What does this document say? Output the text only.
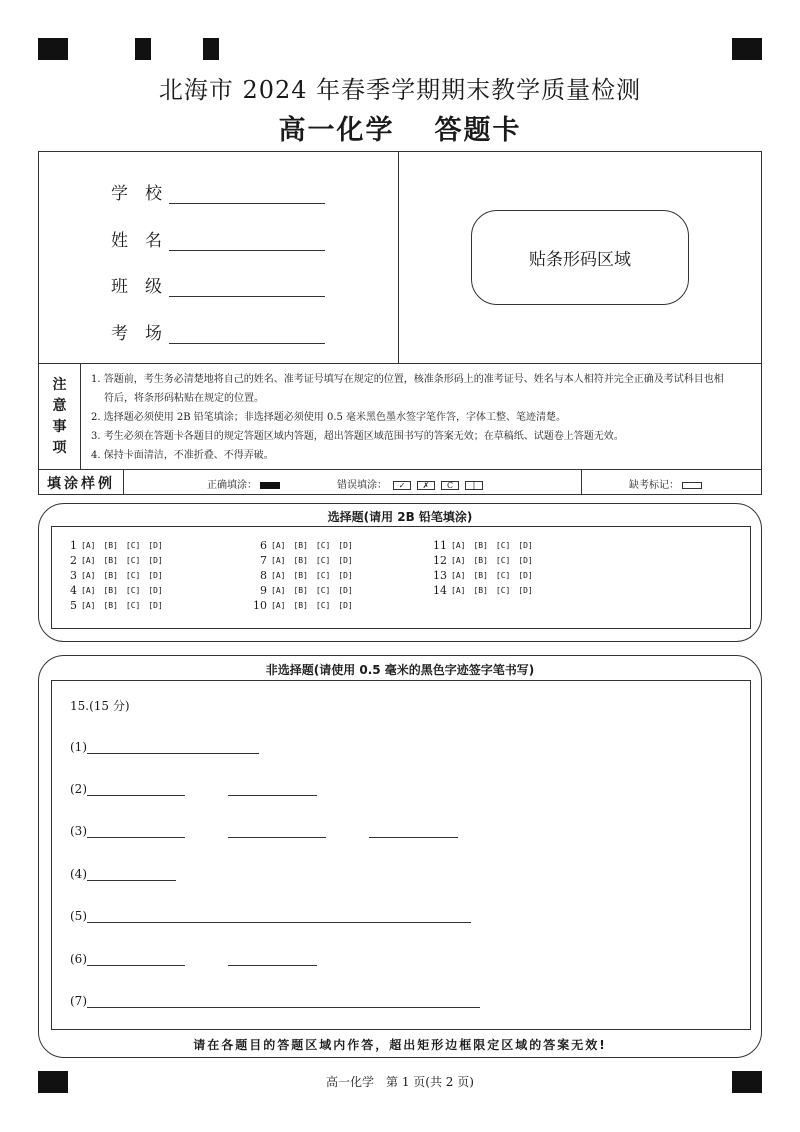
北海市 2024 年春季学期期末教学质量检测
高一化学 答题卡
学　校
姓　名
班　级
考　场
贴条形码区域
注
意
事
项
1. 答题前，考生务必清楚地将自己的姓名、准考证号填写在规定的位置，核准条形码上的准考证号、姓名与本人相符并完全正确及考试科目也相
符后，将条形码粘贴在规定的位置。
2. 选择题必须使用 2B 铅笔填涂；非选择题必须使用 0.5 毫米黑色墨水签字笔作答，字体工整、笔迹清楚。
3. 考生必须在答题卡各题目的规定答题区域内答题，超出答题区域范围书写的答案无效；在草稿纸、试题卷上答题无效。
4. 保持卡面清洁，不准折叠、不得弄破。
填涂样例	正确填涂：	错误填涂： ✓ ✗ C |	缺考标记：
选择题(请用 2B 铅笔填涂)
1 [A] [B] [C] [D]
2 [A] [B] [C] [D]
3 [A] [B] [C] [D]
4 [A] [B] [C] [D]
5 [A] [B] [C] [D]
6 [A] [B] [C] [D]
7 [A] [B] [C] [D]
8 [A] [B] [C] [D]
9 [A] [B] [C] [D]
10 [A] [B] [C] [D]
11 [A] [B] [C] [D]
12 [A] [B] [C] [D]
13 [A] [B] [C] [D]
14 [A] [B] [C] [D]
非选择题(请使用 0.5 毫米的黑色字迹签字笔书写)
15.(15 分)
(1)
(2)
(3)
(4)
(5)
(6)
(7)
请在各题目的答题区域内作答，超出矩形边框限定区域的答案无效!
高一化学　第 1 页(共 2 页)
